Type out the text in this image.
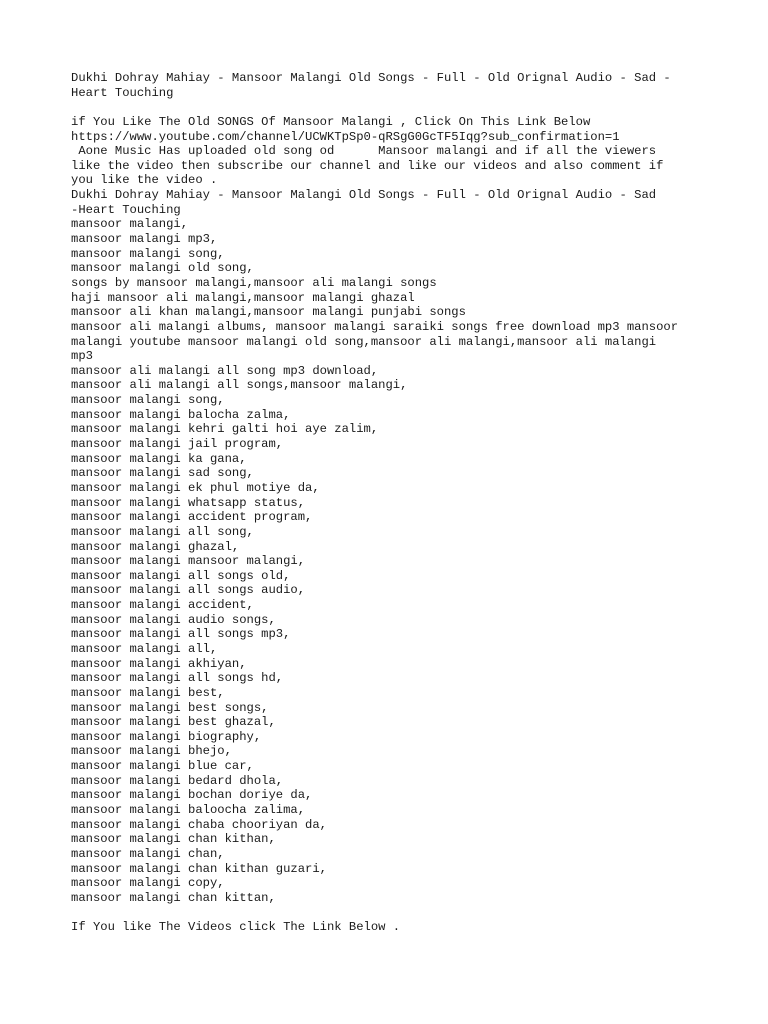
Dukhi Dohray Mahiay - Mansoor Malangi Old Songs - Full - Old Orignal Audio - Sad -
Heart Touching
if You Like The Old SONGS Of Mansoor Malangi , Click On This Link Below
https://www.youtube.com/channel/UCWKTpSp0-qRSgG0GcTF5Iqg?sub_confirmation=1
Aone Music Has uploaded old song od      Mansoor malangi and if all the viewers
like the video then subscribe our channel and like our videos and also comment if
you like the video .
Dukhi Dohray Mahiay - Mansoor Malangi Old Songs - Full - Old Orignal Audio - Sad
-Heart Touching
mansoor malangi,
mansoor malangi mp3,
mansoor malangi song,
mansoor malangi old song,
songs by mansoor malangi,mansoor ali malangi songs
haji mansoor ali malangi,mansoor malangi ghazal
mansoor ali khan malangi,mansoor malangi punjabi songs
mansoor ali malangi albums, mansoor malangi saraiki songs free download mp3 mansoor
malangi youtube mansoor malangi old song,mansoor ali malangi,mansoor ali malangi
mp3
mansoor ali malangi all song mp3 download,
mansoor ali malangi all songs,mansoor malangi,
mansoor malangi song,
mansoor malangi balocha zalma,
mansoor malangi kehri galti hoi aye zalim,
mansoor malangi jail program,
mansoor malangi ka gana,
mansoor malangi sad song,
mansoor malangi ek phul motiye da,
mansoor malangi whatsapp status,
mansoor malangi accident program,
mansoor malangi all song,
mansoor malangi ghazal,
mansoor malangi mansoor malangi,
mansoor malangi all songs old,
mansoor malangi all songs audio,
mansoor malangi accident,
mansoor malangi audio songs,
mansoor malangi all songs mp3,
mansoor malangi all,
mansoor malangi akhiyan,
mansoor malangi all songs hd,
mansoor malangi best,
mansoor malangi best songs,
mansoor malangi best ghazal,
mansoor malangi biography,
mansoor malangi bhejo,
mansoor malangi blue car,
mansoor malangi bedard dhola,
mansoor malangi bochan doriye da,
mansoor malangi baloocha zalima,
mansoor malangi chaba chooriyan da,
mansoor malangi chan kithan,
mansoor malangi chan,
mansoor malangi chan kithan guzari,
mansoor malangi copy,
mansoor malangi chan kittan,
If You like The Videos click The Link Below .
